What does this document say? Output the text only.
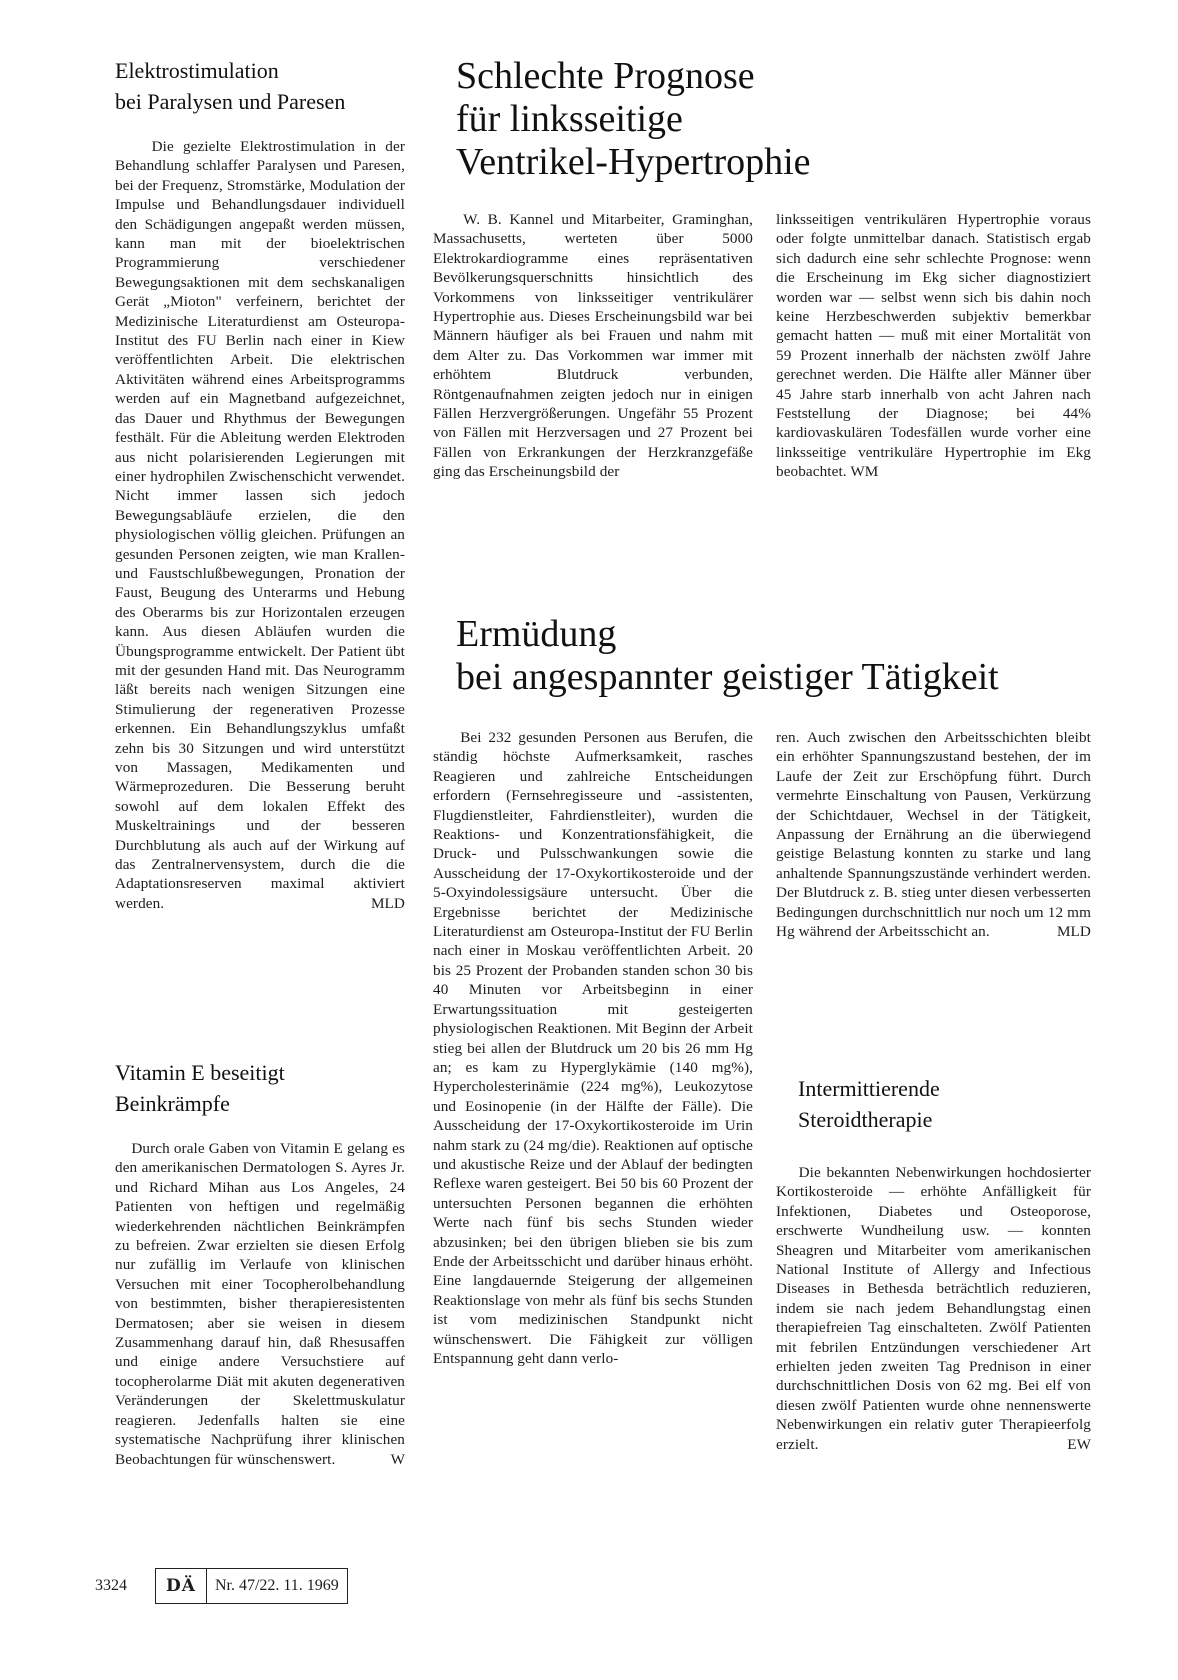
Elektrostimulation
bei Paralysen und Paresen

Die gezielte Elektrostimulation in der Behandlung schlaffer Paralysen und Paresen, bei der Frequenz, Stromstärke, Modulation der Impulse und Behandlungsdauer individuell den Schädigungen angepaßt werden müssen, kann man mit der bioelektrischen Programmierung verschiedener Bewegungsaktionen mit dem sechskanaligen Gerät „Mioton" verfeinern, berichtet der Medizinische Literaturdienst am Osteuropa-Institut des FU Berlin nach einer in Kiew veröffentlichten Arbeit. Die elektrischen Aktivitäten während eines Arbeitsprogramms werden auf ein Magnetband aufgezeichnet, das Dauer und Rhythmus der Bewegungen festhält. Für die Ableitung werden Elektroden aus nicht polarisierenden Legierungen mit einer hydrophilen Zwischenschicht verwendet. Nicht immer lassen sich jedoch Bewegungsabläufe erzielen, die den physiologischen völlig gleichen. Prüfungen an gesunden Personen zeigten, wie man Krallen- und Faustschlußbewegungen, Pronation der Faust, Beugung des Unterarms und Hebung des Oberarms bis zur Horizontalen erzeugen kann. Aus diesen Abläufen wurden die Übungsprogramme entwickelt. Der Patient übt mit der gesunden Hand mit. Das Neurogramm läßt bereits nach wenigen Sitzungen eine Stimulierung der regenerativen Prozesse erkennen. Ein Behandlungszyklus umfaßt zehn bis 30 Sitzungen und wird unterstützt von Massagen, Medikamenten und Wärmeprozeduren. Die Besserung beruht sowohl auf dem lokalen Effekt des Muskeltrainings und der besseren Durchblutung als auch auf der Wirkung auf das Zentralnervensystem, durch die die Adaptationsreserven maximal aktiviert werden.	MLD

Vitamin E beseitigt
Beinkrämpfe

Durch orale Gaben von Vitamin E gelang es den amerikanischen Dermatologen S. Ayres Jr. und Richard Mihan aus Los Angeles, 24 Patienten von heftigen und regelmäßig wiederkehrenden nächtlichen Beinkrämpfen zu befreien. Zwar erzielten sie diesen Erfolg nur zufällig im Verlaufe von klinischen Versuchen mit einer Tocopherolbehandlung von bestimmten, bisher therapieresistenten Dermatosen; aber sie weisen in diesem Zusammenhang darauf hin, daß Rhesusaffen und einige andere Versuchstiere auf tocopherolarme Diät mit akuten degenerativen Veränderungen der Skelettmuskulatur reagieren. Jedenfalls halten sie eine systematische Nachprüfung ihrer klinischen Beobachtungen für wünschenswert.	W

Schlechte Prognose
für linksseitige
Ventrikel-Hypertrophie

W. B. Kannel und Mitarbeiter, Graminghan, Massachusetts, werteten über 5000 Elektrokardiogramme eines repräsentativen Bevölkerungsquerschnitts hinsichtlich des Vorkommens von linksseitiger ventrikulärer Hypertrophie aus. Dieses Erscheinungsbild war bei Männern häufiger als bei Frauen und nahm mit dem Alter zu. Das Vorkommen war immer mit erhöhtem Blutdruck verbunden, Röntgenaufnahmen zeigten jedoch nur in einigen Fällen Herzvergrößerungen. Ungefähr 55 Prozent von Fällen mit Herzversagen und 27 Prozent bei Fällen von Erkrankungen der Herzkranzgefäße ging das Erscheinungsbild der

linksseitigen ventrikulären Hypertrophie voraus oder folgte unmittelbar danach. Statistisch ergab sich dadurch eine sehr schlechte Prognose: wenn die Erscheinung im Ekg sicher diagnostiziert worden war — selbst wenn sich bis dahin noch keine Herzbeschwerden subjektiv bemerkbar gemacht hatten — muß mit einer Mortalität von 59 Prozent innerhalb der nächsten zwölf Jahre gerechnet werden. Die Hälfte aller Männer über 45 Jahre starb innerhalb von acht Jahren nach Feststellung der Diagnose; bei 44% kardiovaskulären Todesfällen wurde vorher eine linksseitige ventrikuläre Hypertrophie im Ekg beobachtet. WM

Ermüdung
bei angespannter geistiger Tätigkeit

Bei 232 gesunden Personen aus Berufen, die ständig höchste Aufmerksamkeit, rasches Reagieren und zahlreiche Entscheidungen erfordern (Fernsehregisseure und -assistenten, Flugdienstleiter, Fahrdienstleiter), wurden die Reaktions- und Konzentrationsfähigkeit, die Druck- und Pulsschwankungen sowie die Ausscheidung der 17-Oxykortikosteroide und der 5-Oxyindolessigsäure untersucht. Über die Ergebnisse berichtet der Medizinische Literaturdienst am Osteuropa-Institut der FU Berlin nach einer in Moskau veröffentlichten Arbeit. 20 bis 25 Prozent der Probanden standen schon 30 bis 40 Minuten vor Arbeitsbeginn in einer Erwartungssituation mit gesteigerten physiologischen Reaktionen. Mit Beginn der Arbeit stieg bei allen der Blutdruck um 20 bis 26 mm Hg an; es kam zu Hyperglykämie (140 mg%), Hypercholesterinämie (224 mg%), Leukozytose und Eosinopenie (in der Hälfte der Fälle). Die Ausscheidung der 17-Oxykortikosteroide im Urin nahm stark zu (24 mg/die). Reaktionen auf optische und akustische Reize und der Ablauf der bedingten Reflexe waren gesteigert. Bei 50 bis 60 Prozent der untersuchten Personen begannen die erhöhten Werte nach fünf bis sechs Stunden wieder abzusinken; bei den übrigen blieben sie bis zum Ende der Arbeitsschicht und darüber hinaus erhöht. Eine langdauernde Steigerung der allgemeinen Reaktionslage von mehr als fünf bis sechs Stunden ist vom medizinischen Standpunkt nicht wünschenswert. Die Fähigkeit zur völligen Entspannung geht dann verlo-

ren. Auch zwischen den Arbeitsschichten bleibt ein erhöhter Spannungszustand bestehen, der im Laufe der Zeit zur Erschöpfung führt. Durch vermehrte Einschaltung von Pausen, Verkürzung der Schichtdauer, Wechsel in der Tätigkeit, Anpassung der Ernährung an die überwiegend geistige Belastung konnten zu starke und lang anhaltende Spannungszustände verhindert werden. Der Blutdruck z. B. stieg unter diesen verbesserten Bedingungen durchschnittlich nur noch um 12 mm Hg während der Arbeitsschicht an.	MLD

Intermittierende
Steroidtherapie

Die bekannten Nebenwirkungen hochdosierter Kortikosteroide — erhöhte Anfälligkeit für Infektionen, Diabetes und Osteoporose, erschwerte Wundheilung usw. — konnten Sheagren und Mitarbeiter vom amerikanischen National Institute of Allergy and Infectious Diseases in Bethesda beträchtlich reduzieren, indem sie nach jedem Behandlungstag einen therapiefreien Tag einschalteten. Zwölf Patienten mit febrilen Entzündungen verschiedener Art erhielten jeden zweiten Tag Prednison in einer durchschnittlichen Dosis von 62 mg. Bei elf von diesen zwölf Patienten wurde ohne nennenswerte Nebenwirkungen ein relativ guter Therapieerfolg erzielt.	EW

3324	DÄ	Nr. 47/22. 11. 1969
